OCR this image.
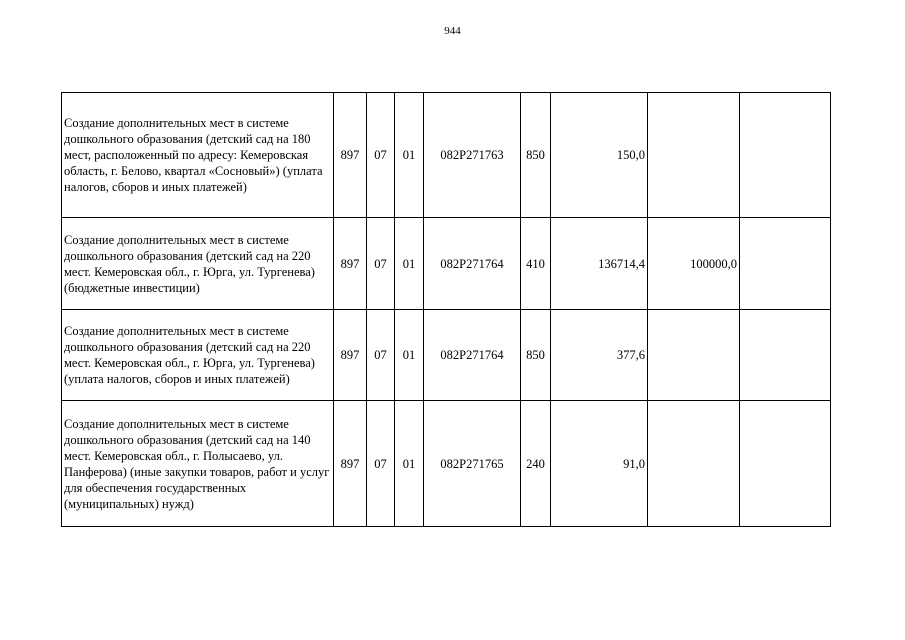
944
Создание дополнительных мест в системе дошкольного образования (детский сад на 180 мест, расположенный по адресу: Кемеровская область, г. Белово, квартал «Сосновый») (уплата налогов, сборов и иных платежей)	897	07	01	082P271763	850	150,0		
Создание дополнительных мест в системе дошкольного образования (детский сад на 220 мест. Кемеровская обл., г. Юрга, ул. Тургенева) (бюджетные инвестиции)	897	07	01	082P271764	410	136714,4	100000,0	
Создание дополнительных мест в системе дошкольного образования (детский сад на 220 мест. Кемеровская обл., г. Юрга, ул. Тургенева) (уплата налогов, сборов и иных платежей)	897	07	01	082P271764	850	377,6		
Создание дополнительных мест в системе дошкольного образования (детский сад на 140 мест. Кемеровская обл., г. Полысаево, ул. Панферова) (иные закупки товаров, работ и услуг для обеспечения государственных (муниципальных) нужд)	897	07	01	082P271765	240	91,0		
